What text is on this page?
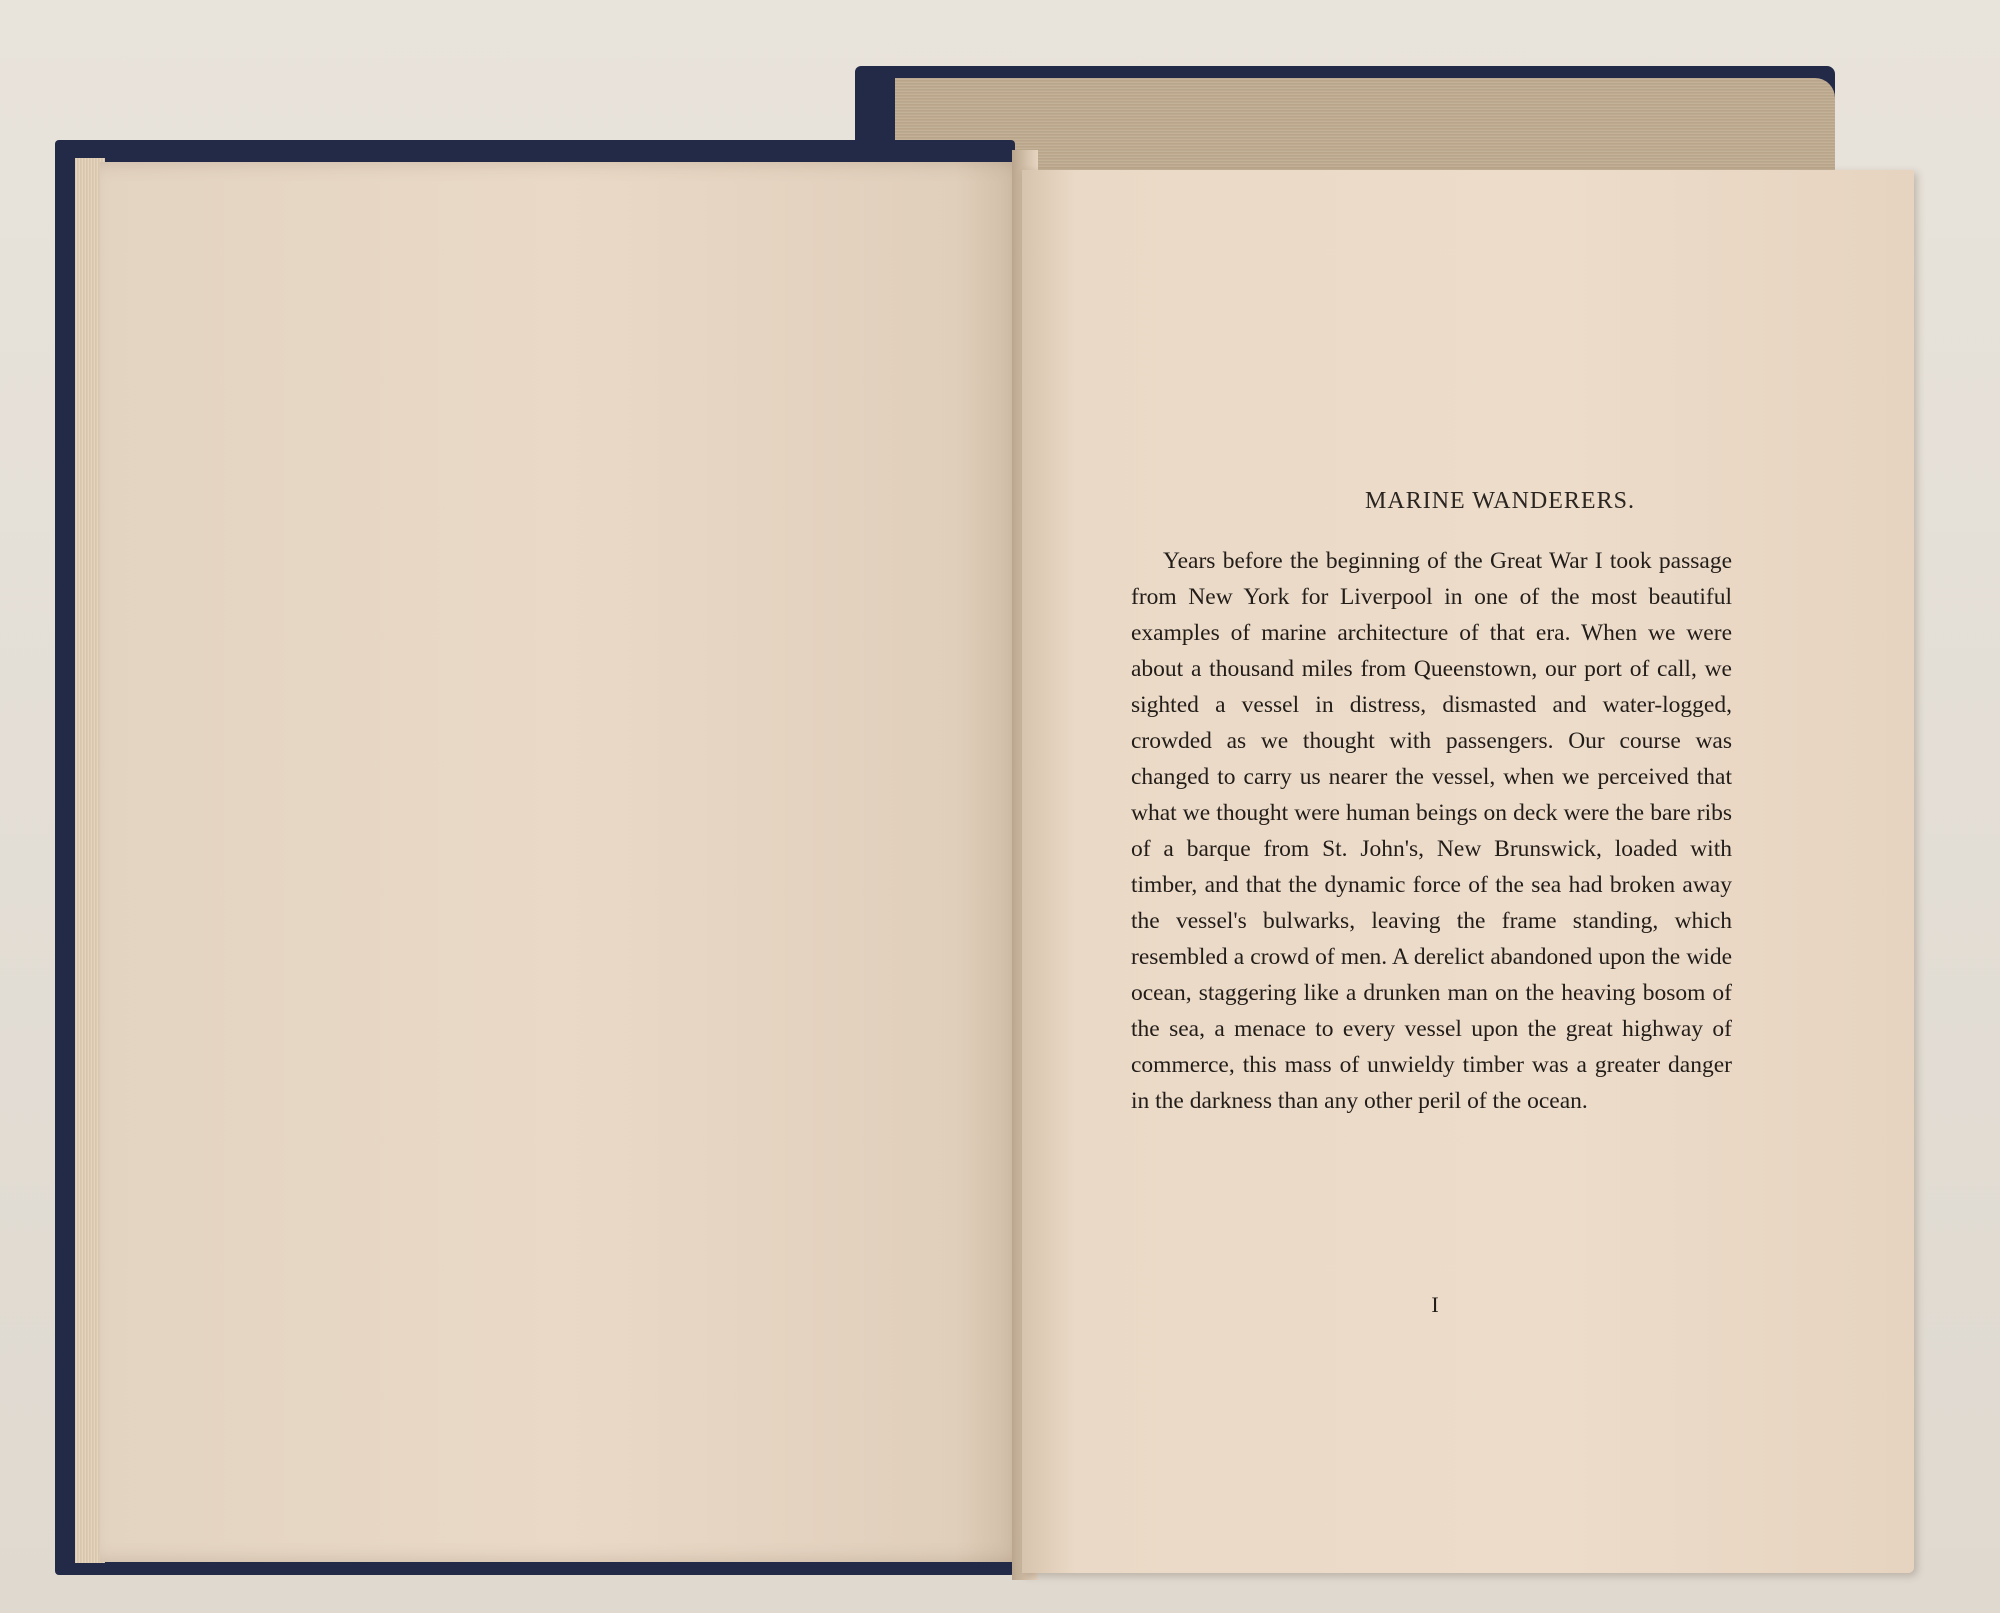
MARINE WANDERERS.

Years before the beginning of the Great War I took passage from New York for Liverpool in one of the most beautiful examples of marine architecture of that era. When we were about a thousand miles from Queenstown, our port of call, we sighted a vessel in distress, dismasted and water-logged, crowded as we thought with passengers. Our course was changed to carry us nearer the vessel, when we perceived that what we thought were human beings on deck were the bare ribs of a barque from St. John's, New Brunswick, loaded with timber, and that the dynamic force of the sea had broken away the vessel's bulwarks, leaving the frame standing, which resembled a crowd of men. A derelict abandoned upon the wide ocean, staggering like a drunken man on the heaving bosom of the sea, a menace to every vessel upon the great highway of commerce, this mass of unwieldy timber was a greater danger in the darkness than any other peril of the ocean.

I
